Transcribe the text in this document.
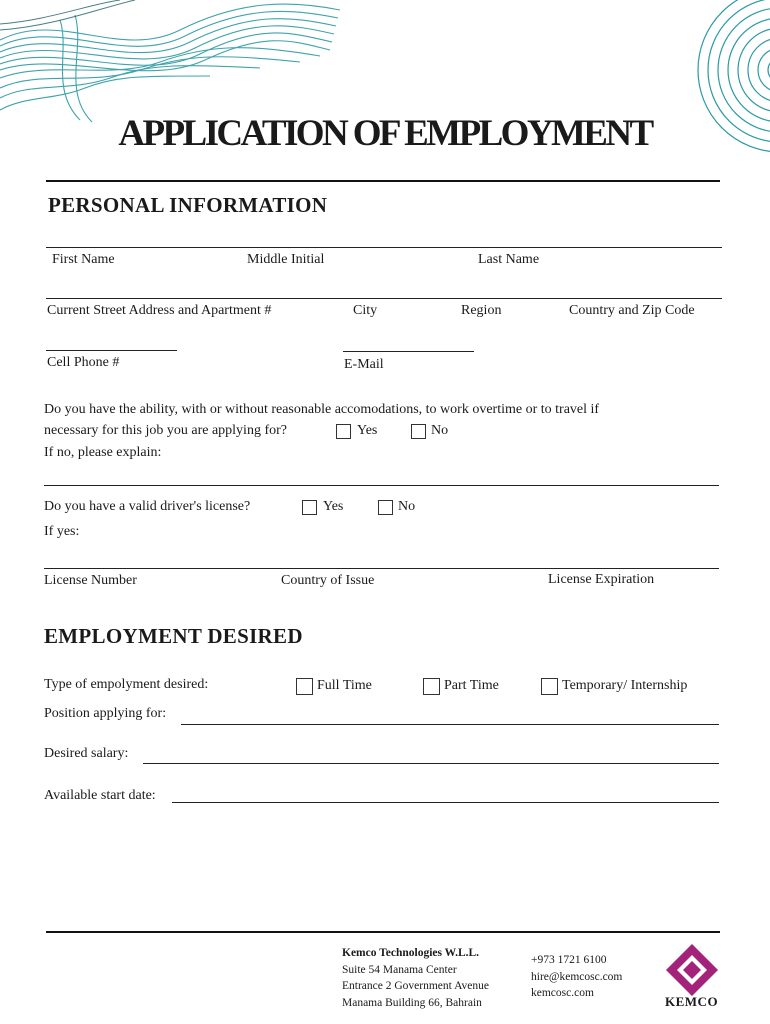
APPLICATION OF EMPLOYMENT
PERSONAL INFORMATION
First Name	Middle Initial	Last Name
Current Street Address and Apartment #	City	Region	Country and Zip Code
Cell Phone #	E-Mail
Do you have the ability, with or without reasonable accomodations, to work overtime or to travel if
necessary for this job you are applying for?	Yes	No
If no, please explain:
Do you have a valid driver's license?	Yes	No
If yes:
License Number	Country of Issue	License Expiration
EMPLOYMENT DESIRED
Type of empolyment desired:	Full Time	Part Time	Temporary/ Internship
Position applying for:
Desired salary:
Available start date:
Kemco Technologies W.L.L.
Suite 54 Manama Center
Entrance 2 Government Avenue
Manama Building 66, Bahrain
+973 1721 6100
hire@kemcosc.com
kemcosc.com
KEMCO
